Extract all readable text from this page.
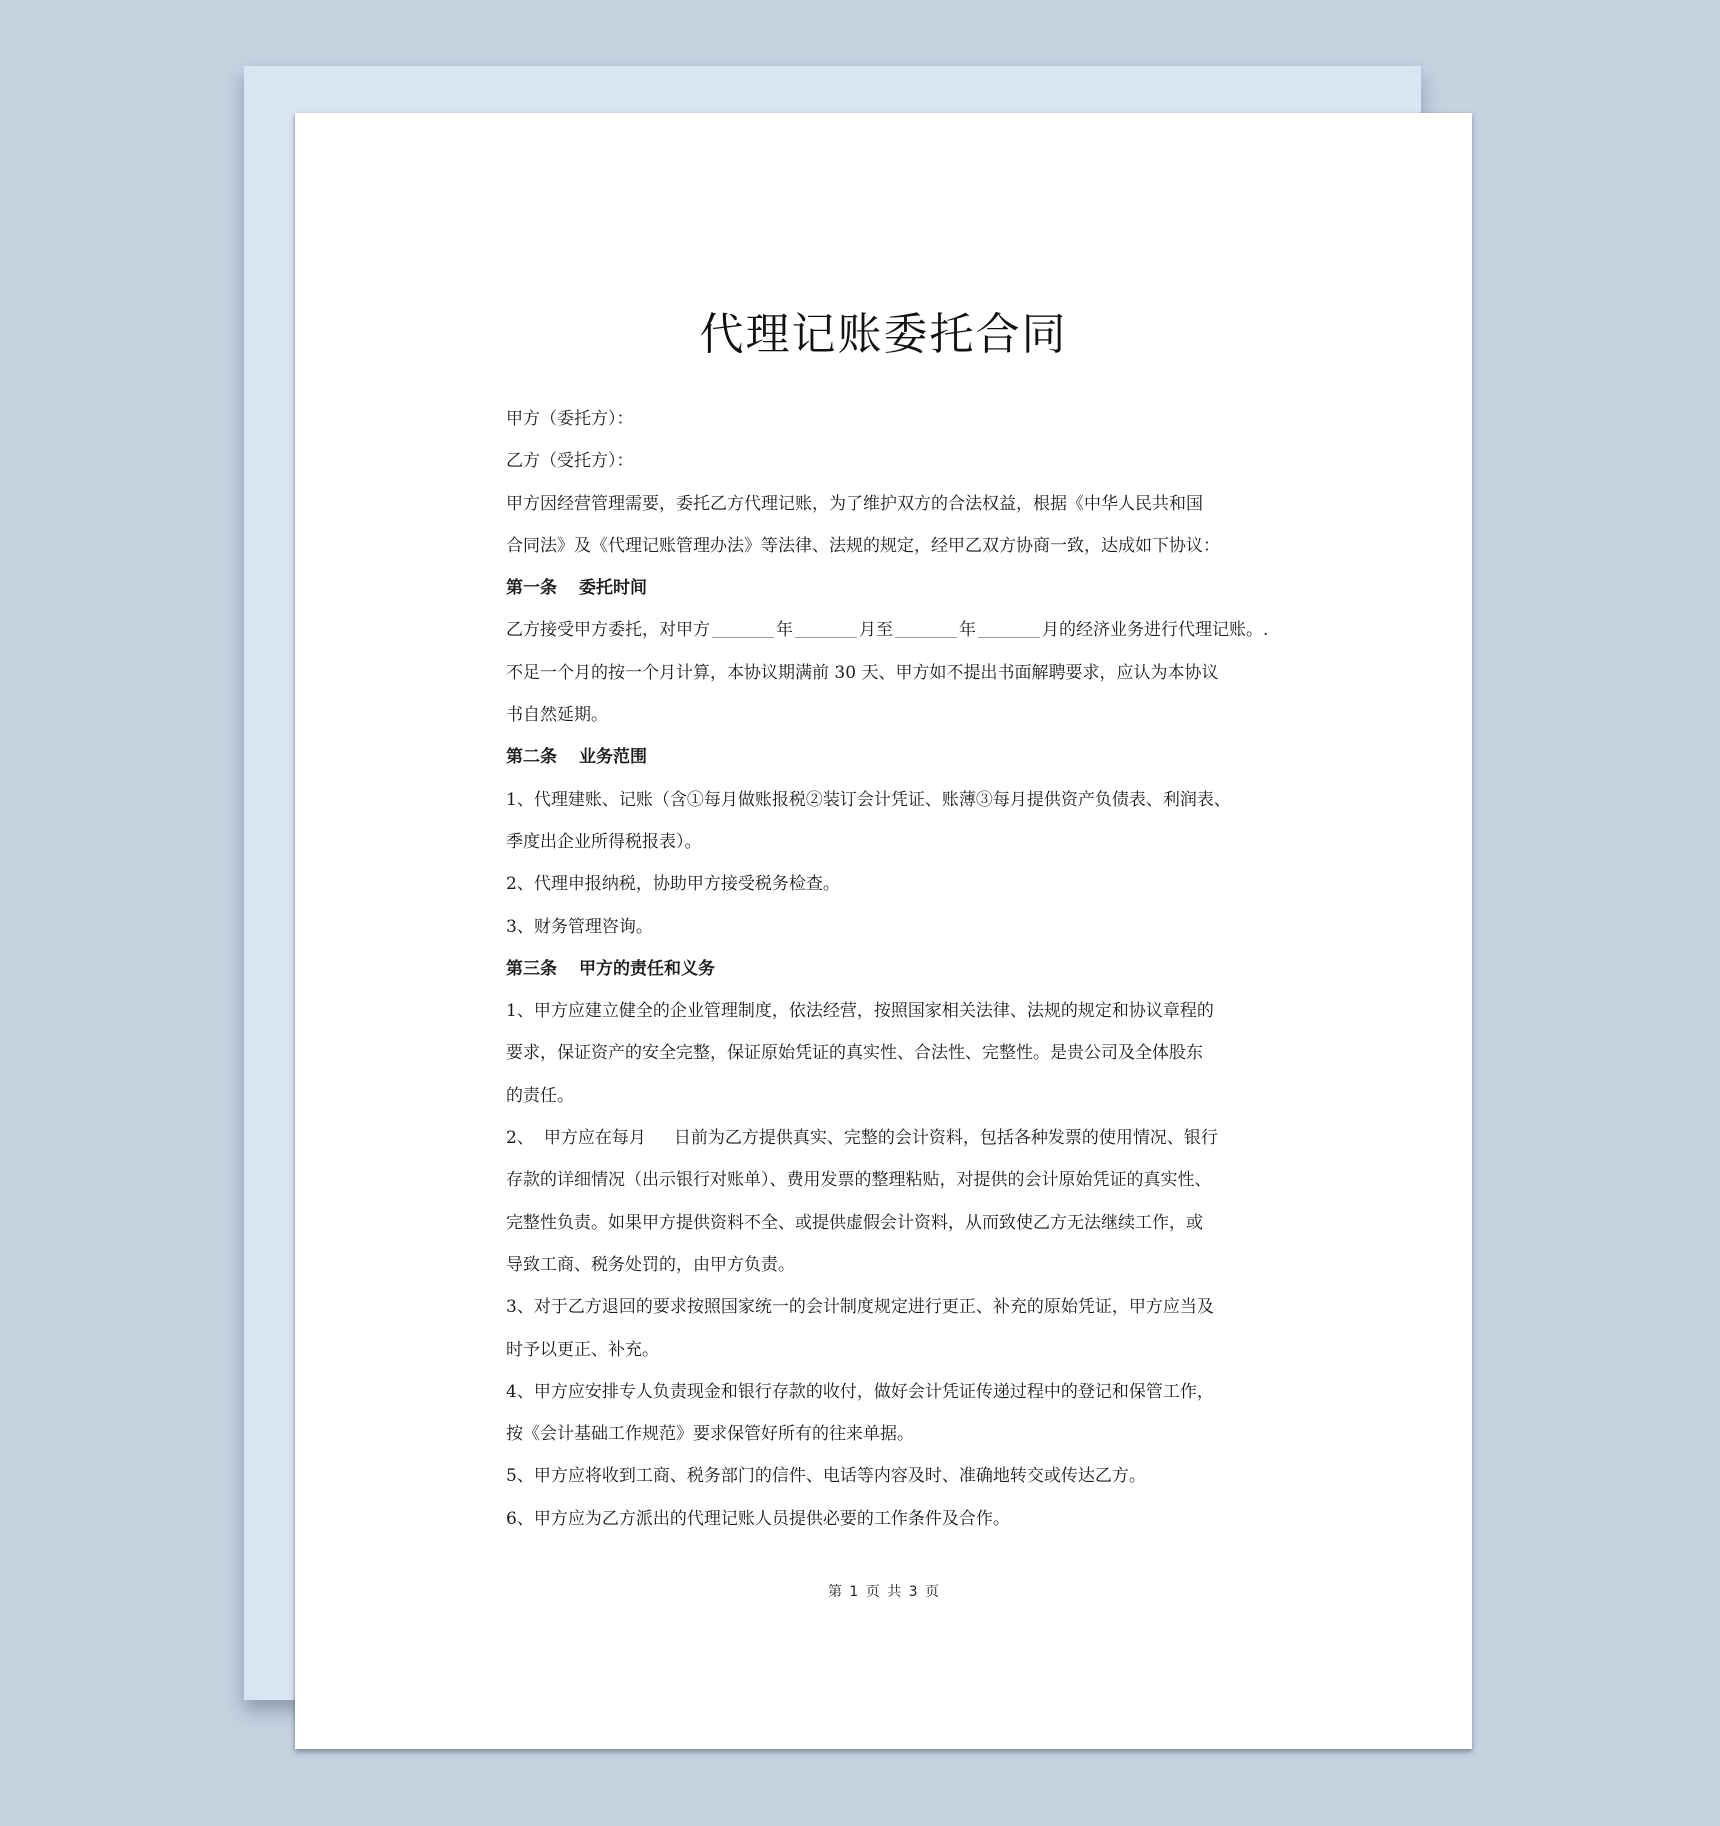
代理记账委托合同
甲方（委托方）：
乙方（受托方）：
甲方因经营管理需要，委托乙方代理记账，为了维护双方的合法权益，根据《中华人民共和国
合同法》及《代理记账管理办法》等法律、法规的规定，经甲乙双方协商一致，达成如下协议：
第一条 委托时间
乙方接受甲方委托，对甲方	年	月至	年	月的经济业务进行代理记账。.
不足一个月的按一个月计算，本协议期满前 30 天、甲方如不提出书面解聘要求，应认为本协议
书自然延期。
第二条 业务范围
1、代理建账、记账（含①每月做账报税②装订会计凭证、账薄③每月提供资产负债表、利润表、
季度出企业所得税报表）。
2、代理申报纳税，协助甲方接受税务检查。
3、财务管理咨询。
第三条 甲方的责任和义务
1、甲方应建立健全的企业管理制度，依法经营，按照国家相关法律、法规的规定和协议章程的
要求，保证资产的安全完整，保证原始凭证的真实性、合法性、完整性。是贵公司及全体股东
的责任。
2、 甲方应在每月 日前为乙方提供真实、完整的会计资料，包括各种发票的使用情况、银行
存款的详细情况（出示银行对账单）、费用发票的整理粘贴，对提供的会计原始凭证的真实性、
完整性负责。如果甲方提供资料不全、或提供虚假会计资料，从而致使乙方无法继续工作，或
导致工商、税务处罚的，由甲方负责。
3、对于乙方退回的要求按照国家统一的会计制度规定进行更正、补充的原始凭证，甲方应当及
时予以更正、补充。
4、甲方应安排专人负责现金和银行存款的收付，做好会计凭证传递过程中的登记和保管工作，
按《会计基础工作规范》要求保管好所有的往来单据。
5、甲方应将收到工商、税务部门的信件、电话等内容及时、准确地转交或传达乙方。
6、甲方应为乙方派出的代理记账人员提供必要的工作条件及合作。
第 1 页 共 3 页
